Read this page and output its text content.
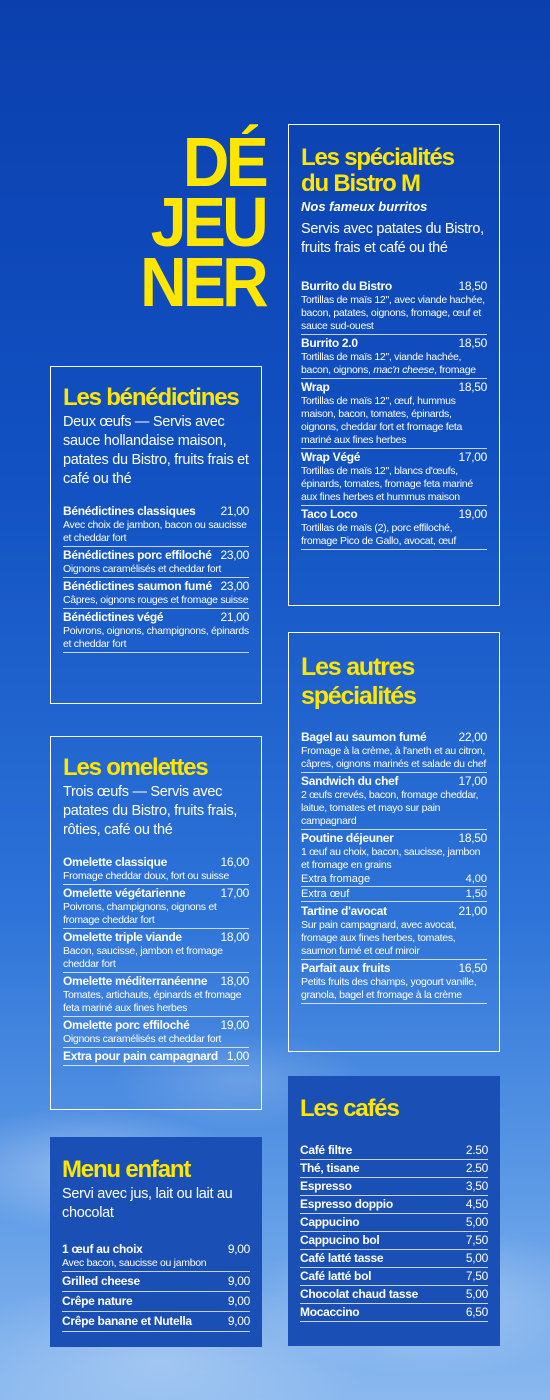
DÉ
JEU
NER
Les bénédictines
Deux œufs — Servis avec sauce hollandaise maison, patates du Bistro, fruits frais et café ou thé
Bénédictines classiques 21,00
Avec choix de jambon, bacon ou saucisse et cheddar fort
Bénédictines porc effiloché 23,00
Oignons caramélisés et cheddar fort
Bénédictines saumon fumé 23,00
Câpres, oignons rouges et fromage suisse
Bénédictines végé	21,00
Poivrons, oignons, champignons, épinards et cheddar fort
Les omelettes
Trois œufs — Servis avec patates du Bistro, fruits frais, rôties, café ou thé
Omelette classique	16,00
Fromage cheddar doux, fort ou suisse
Omelette végétarienne	17,00
Poivrons, champignons, oignons et fromage cheddar fort
Omelette triple viande	18,00
Bacon, saucisse, jambon et fromage cheddar fort
Omelette méditerranéenne 18,00
Tomates, artichauts, épinards et fromage feta mariné aux fines herbes
Omelette porc effiloché	19,00
Oignons caramélisés et cheddar fort
Extra pour pain campagnard 1,00
Menu enfant
Servi avec jus, lait ou lait au chocolat
1 œuf au choix	9,00
Avec bacon, saucisse ou jambon
Grilled cheese	9,00
Crêpe nature	9,00
Crêpe banane et Nutella	9,00
Les spécialités
du Bistro M
Nos fameux burritos
Servis avec patates du Bistro, fruits frais et café ou thé
Burrito du Bistro	18,50
Tortillas de maïs 12", avec viande hachée, bacon, patates, oignons, fromage, œuf et sauce sud-ouest
Burrito 2.0	18,50
Tortillas de maïs 12", viande hachée, bacon, oignons, mac'n cheese, fromage
Wrap	18,50
Tortillas de maïs 12", œuf, hummus maison, bacon, tomates, épinards, oignons, cheddar fort et fromage feta mariné aux fines herbes
Wrap Végé	17,00
Tortillas de maïs 12", blancs d'œufs, épinards, tomates, fromage feta mariné aux fines herbes et hummus maison
Taco Loco	19,00
Tortillas de maïs (2), porc effiloché, fromage Pico de Gallo, avocat, œuf
Les autres
spécialités
Bagel au saumon fumé	22,00
Fromage à la crème, à l'aneth et au citron, câpres, oignons marinés et salade du chef
Sandwich du chef	17,00
2 œufs crevés, bacon, fromage cheddar, laitue, tomates et mayo sur pain campagnard
Poutine déjeuner	18,50
1 œuf au choix, bacon, saucisse, jambon et fromage en grains
Extra fromage	4,00
Extra œuf	1,50
Tartine d'avocat	21,00
Sur pain campagnard, avec avocat, fromage aux fines herbes, tomates, saumon fumé et œuf miroir
Parfait aux fruits	16,50
Petits fruits des champs, yogourt vanille, granola, bagel et fromage à la crème
Les cafés
Café filtre	2.50
Thé, tisane	2.50
Espresso	3,50
Espresso doppio	4,50
Cappucino	5,00
Cappucino bol	7,50
Café latté tasse	5,00
Café latté bol	7,50
Chocolat chaud tasse	5,00
Mocaccino	6,50
